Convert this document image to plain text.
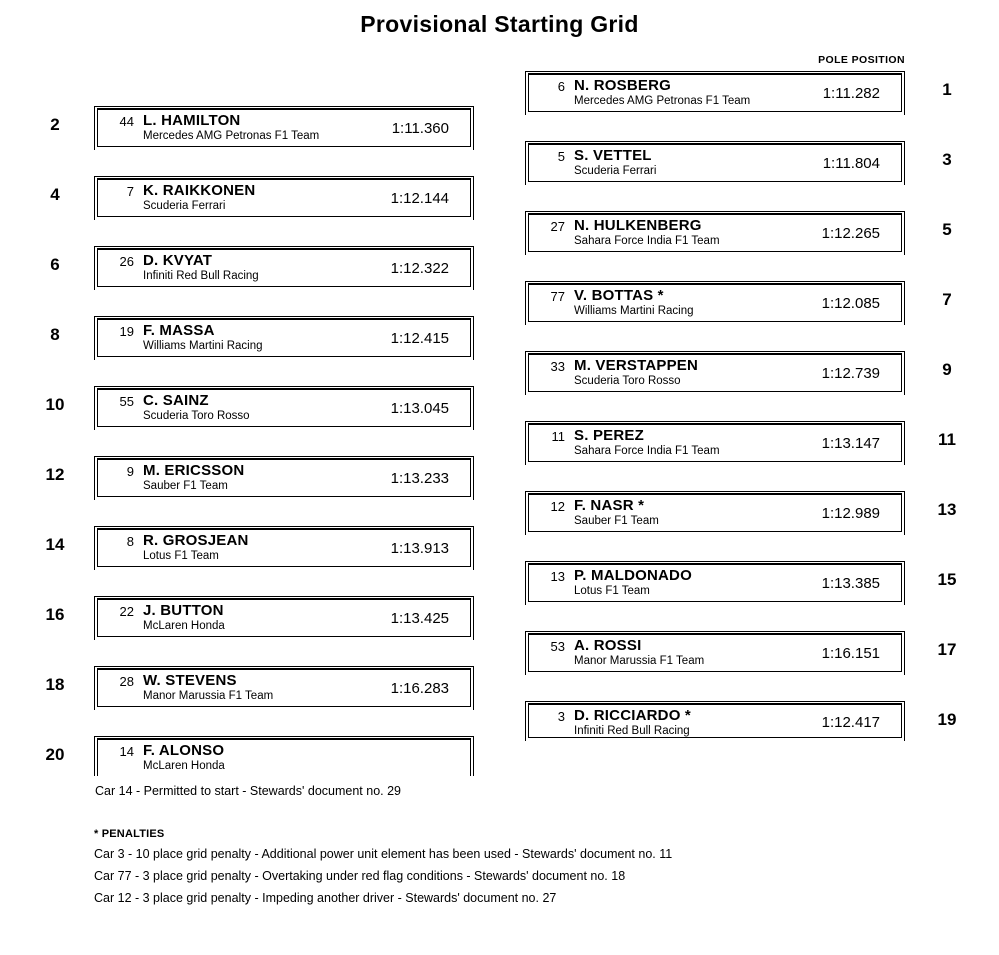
Provisional Starting Grid
POLE POSITION
1
6 N. ROSBERG
Mercedes AMG Petronas F1 Team	1:11.282
3
5 S. VETTEL
Scuderia Ferrari	1:11.804
5
27 N. HULKENBERG
Sahara Force India F1 Team	1:12.265
7
77 V. BOTTAS *
Williams Martini Racing	1:12.085
9
33 M. VERSTAPPEN
Scuderia Toro Rosso	1:12.739
11
11 S. PEREZ
Sahara Force India F1 Team	1:13.147
13
12 F. NASR *
Sauber F1 Team	1:12.989
15
13 P. MALDONADO
Lotus F1 Team	1:13.385
17
53 A. ROSSI
Manor Marussia F1 Team	1:16.151
19
3 D. RICCIARDO *
Infiniti Red Bull Racing	1:12.417
2	44 L. HAMILTON
Mercedes AMG Petronas F1 Team	1:11.360
4	7 K. RAIKKONEN
Scuderia Ferrari	1:12.144
6	26 D. KVYAT
Infiniti Red Bull Racing	1:12.322
8	19 F. MASSA
Williams Martini Racing	1:12.415
10	55 C. SAINZ
Scuderia Toro Rosso	1:13.045
12	9 M. ERICSSON
Sauber F1 Team	1:13.233
14	8 R. GROSJEAN
Lotus F1 Team	1:13.913
16	22 J. BUTTON
McLaren Honda	1:13.425
18	28 W. STEVENS
Manor Marussia F1 Team	1:16.283
20	14 F. ALONSO
McLaren Honda
Car 14 - Permitted to start - Stewards' document no. 29
* PENALTIES
Car 3 - 10 place grid penalty - Additional power unit element has been used - Stewards' document no. 11
Car 77 - 3 place grid penalty - Overtaking under red flag conditions - Stewards' document no. 18
Car 12 - 3 place grid penalty - Impeding another driver - Stewards' document no. 27
